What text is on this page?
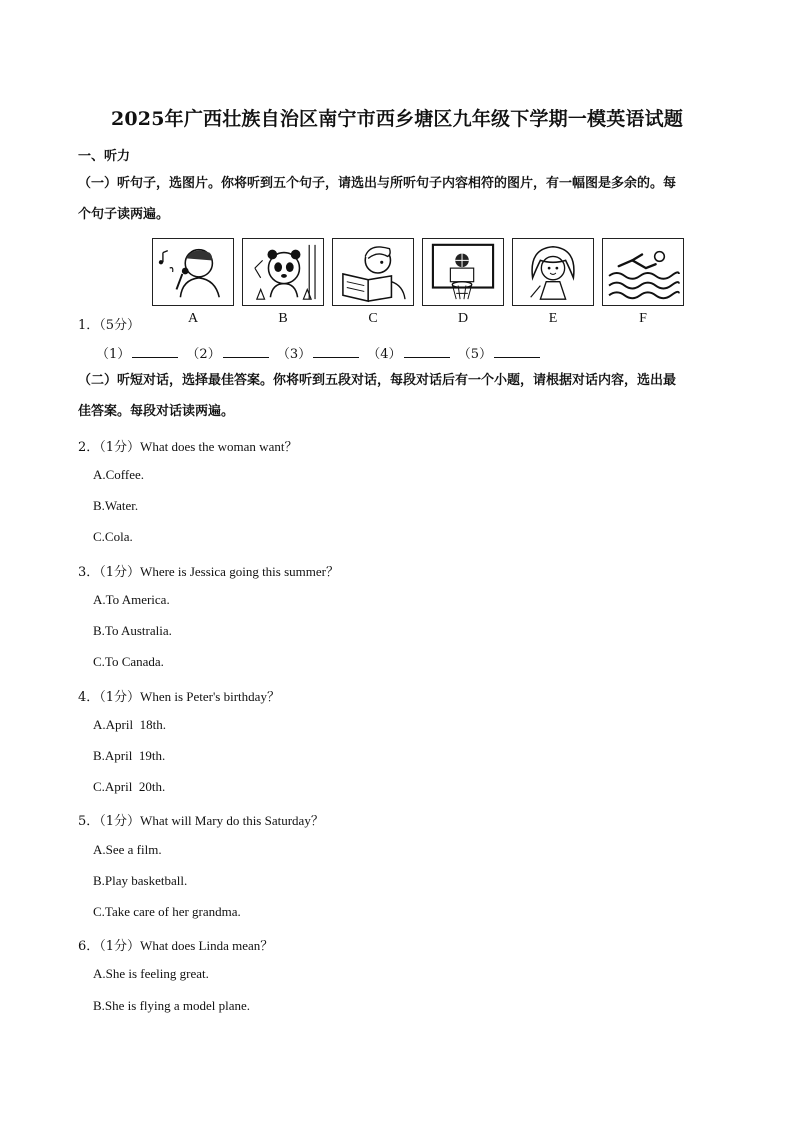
2025年广西壮族自治区南宁市西乡塘区九年级下学期一模英语试题
一、听力
（一）听句子，选图片。你将听到五个句子，请选出与所听句子内容相符的图片，有一幅图是多余的。每
个句子读两遍。
A	B	C	D	E	F
1．（5分）
（1）	（2）	（3）	（4）	（5）
（二）听短对话，选择最佳答案。你将听到五段对话，每段对话后有一个小题，请根据对话内容，选出最
佳答案。每段对话读两遍。
2．（1分）What does the woman want？
A.Coffee.
B.Water.
C.Cola.
3．（1分）Where is Jessica going this summer？
A.To America.
B.To Australia.
C.To Canada.
4．（1分）When is Peter's birthday？
A.April  18th.
B.April  19th.
C.April  20th.
5．（1分）What will Mary do this Saturday？
A.See a film.
B.Play basketball.
C.Take care of her grandma.
6．（1分）What does Linda mean？
A.She is feeling great.
B.She is flying a model plane.
